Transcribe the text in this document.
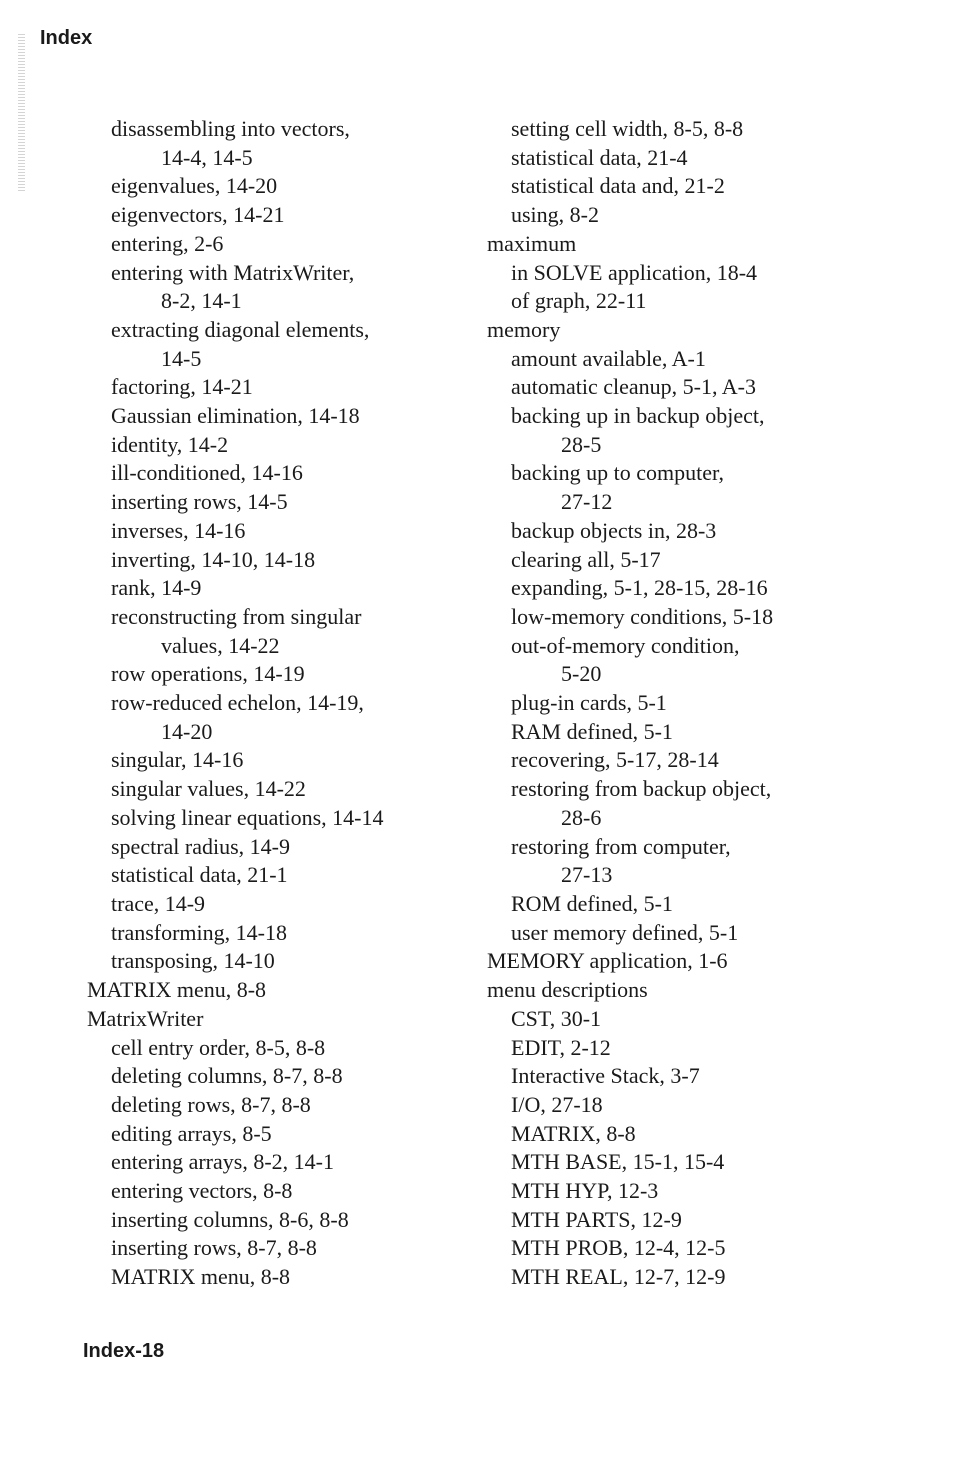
Index
disassembling into vectors,
14-4, 14-5
eigenvalues, 14-20
eigenvectors, 14-21
entering, 2-6
entering with MatrixWriter,
8-2, 14-1
extracting diagonal elements,
14-5
factoring, 14-21
Gaussian elimination, 14-18
identity, 14-2
ill-conditioned, 14-16
inserting rows, 14-5
inverses, 14-16
inverting, 14-10, 14-18
rank, 14-9
reconstructing from singular
values, 14-22
row operations, 14-19
row-reduced echelon, 14-19,
14-20
singular, 14-16
singular values, 14-22
solving linear equations, 14-14
spectral radius, 14-9
statistical data, 21-1
trace, 14-9
transforming, 14-18
transposing, 14-10
MATRIX menu, 8-8
MatrixWriter
cell entry order, 8-5, 8-8
deleting columns, 8-7, 8-8
deleting rows, 8-7, 8-8
editing arrays, 8-5
entering arrays, 8-2, 14-1
entering vectors, 8-8
inserting columns, 8-6, 8-8
inserting rows, 8-7, 8-8
MATRIX menu, 8-8
setting cell width, 8-5, 8-8
statistical data, 21-4
statistical data and, 21-2
using, 8-2
maximum
in SOLVE application, 18-4
of graph, 22-11
memory
amount available, A-1
automatic cleanup, 5-1, A-3
backing up in backup object,
28-5
backing up to computer,
27-12
backup objects in, 28-3
clearing all, 5-17
expanding, 5-1, 28-15, 28-16
low-memory conditions, 5-18
out-of-memory condition,
5-20
plug-in cards, 5-1
RAM defined, 5-1
recovering, 5-17, 28-14
restoring from backup object,
28-6
restoring from computer,
27-13
ROM defined, 5-1
user memory defined, 5-1
MEMORY application, 1-6
menu descriptions
CST, 30-1
EDIT, 2-12
Interactive Stack, 3-7
I/O, 27-18
MATRIX, 8-8
MTH BASE, 15-1, 15-4
MTH HYP, 12-3
MTH PARTS, 12-9
MTH PROB, 12-4, 12-5
MTH REAL, 12-7, 12-9
Index-18
